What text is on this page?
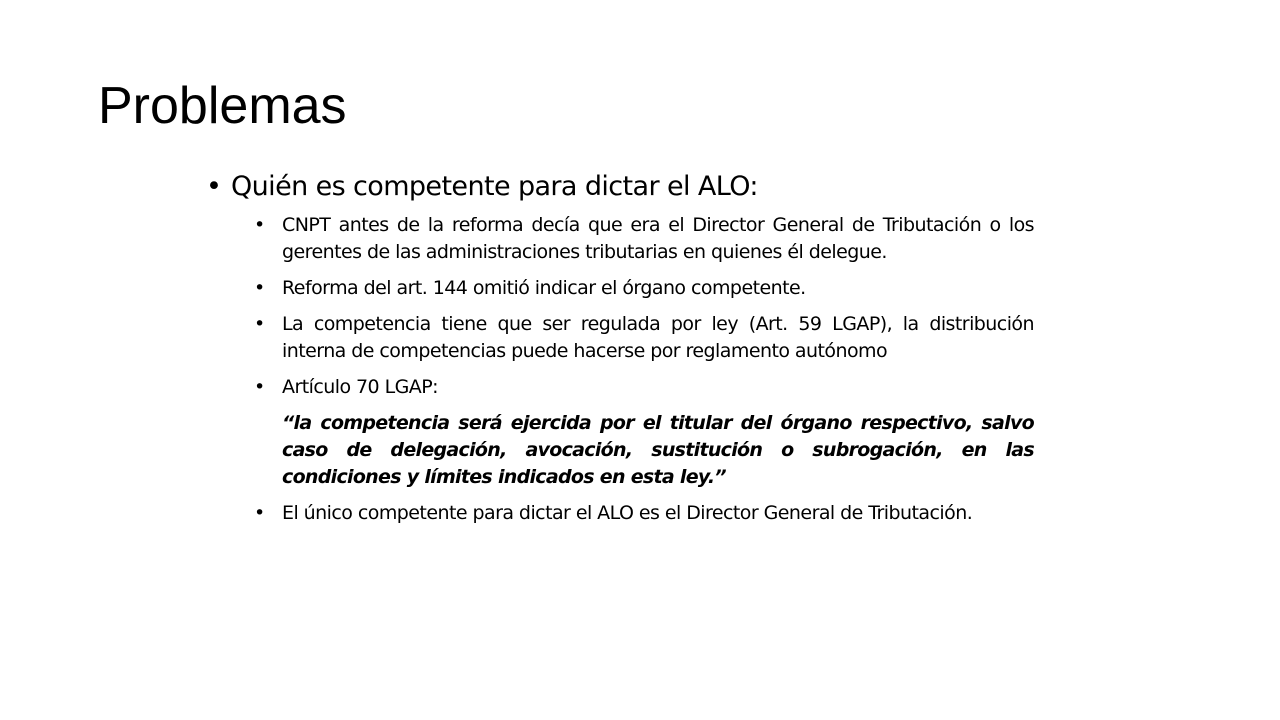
Problemas
• Quién es competente para dictar el ALO:
• CNPT antes de la reforma decía que era el Director General de Tributación o los gerentes de las administraciones tributarias en quienes él delegue.
• Reforma del art. 144 omitió indicar el órgano competente.
• La competencia tiene que ser regulada por ley (Art. 59 LGAP), la distribución interna de competencias puede hacerse por reglamento autónomo
• Artículo 70 LGAP:
“la competencia será ejercida por el titular del órgano respectivo, salvo caso de delegación, avocación, sustitución o subrogación, en las condiciones y límites indicados en esta ley.”
• El único competente para dictar el ALO es el Director General de Tributación.
